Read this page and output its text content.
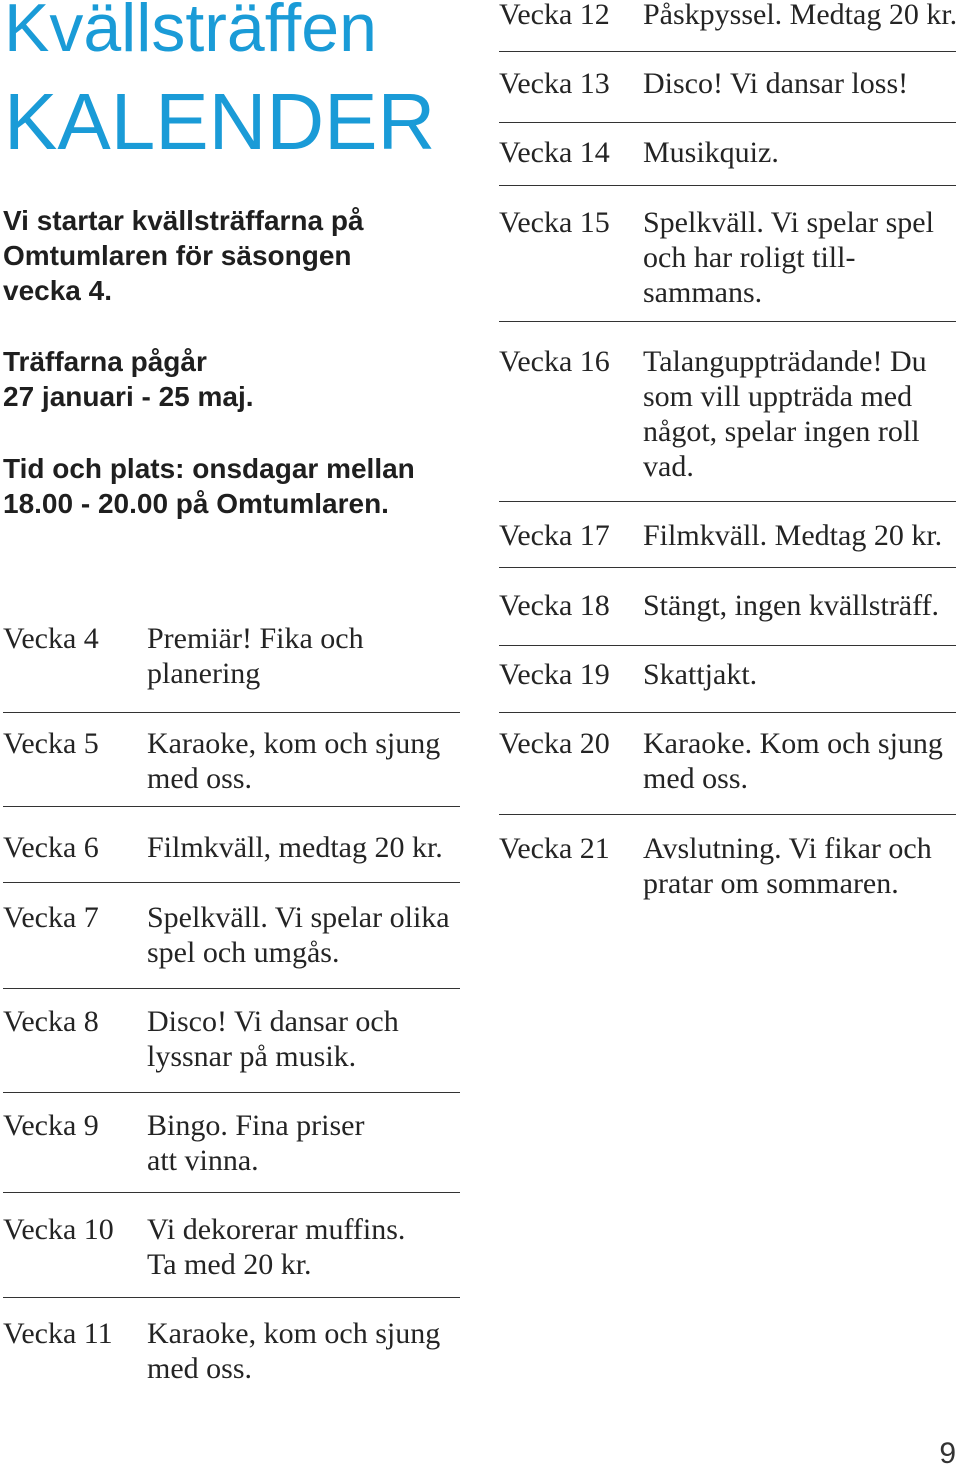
Kvällsträffen
KALENDER

Vi startar kvällsträffarna på
Omtumlaren för säsongen
vecka 4.

Träffarna pågår
27 januari - 25 maj.

Tid och plats: onsdagar mellan
18.00 - 20.00 på Omtumlaren.

Vecka 4 Premiär! Fika och
planering
Vecka 5 Karaoke, kom och sjung
med oss.
Vecka 6 Filmkväll, medtag 20 kr.
Vecka 7 Spelkväll. Vi spelar olika
spel och umgås.
Vecka 8 Disco! Vi dansar och
lyssnar på musik.
Vecka 9 Bingo. Fina priser
att vinna.
Vecka 10 Vi dekorerar muffins.
Ta med 20 kr.
Vecka 11 Karaoke, kom och sjung
med oss.
Vecka 12 Påskpyssel. Medtag 20 kr.
Vecka 13 Disco! Vi dansar loss!
Vecka 14 Musikquiz.
Vecka 15 Spelkväll. Vi spelar spel
och har roligt till-
sammans.
Vecka 16 Talanguppträdande! Du
som vill uppträda med
något, spelar ingen roll
vad.
Vecka 17 Filmkväll. Medtag 20 kr.
Vecka 18 Stängt, ingen kvällsträff.
Vecka 19 Skattjakt.
Vecka 20 Karaoke. Kom och sjung
med oss.
Vecka 21 Avslutning. Vi fikar och
pratar om sommaren.
9
